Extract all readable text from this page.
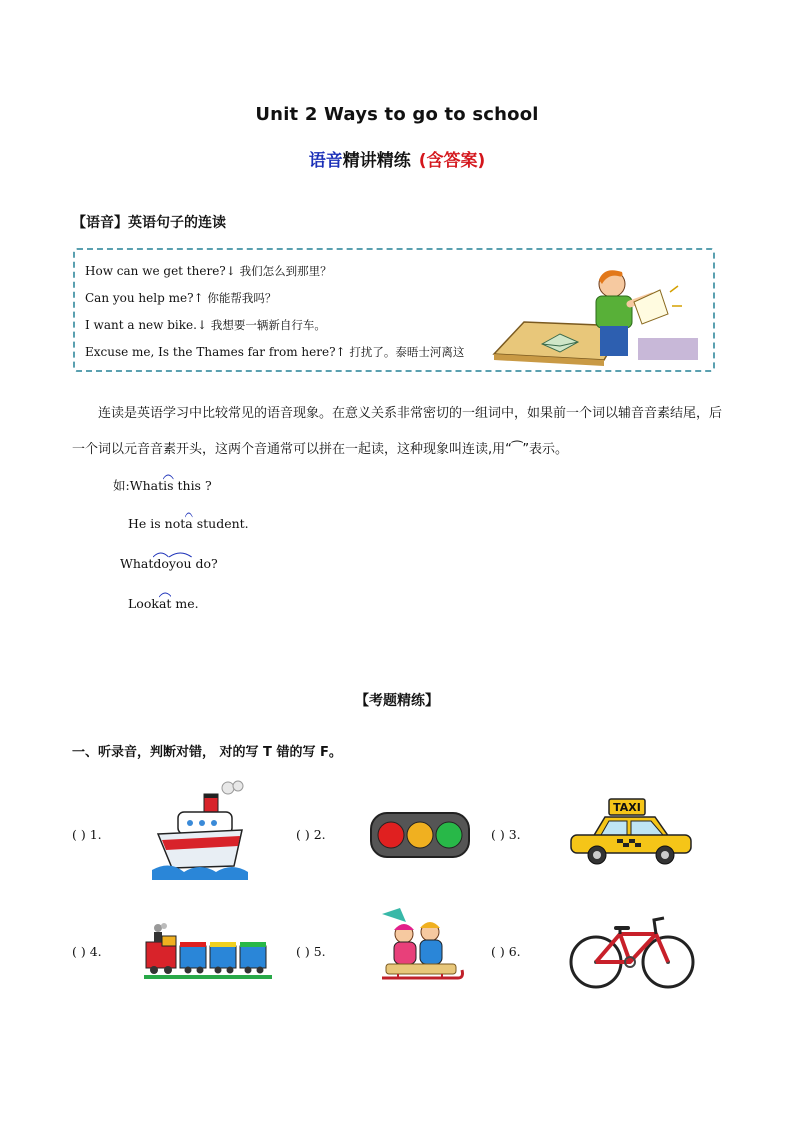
Unit 2 Ways to go to school
语音精讲精练 (含答案)
【语音】英语句子的连读
How can we get there?↓ 我们怎么到那里？
Can you help me?↑ 你能帮我吗？
I want a new bike.↓ 我想要一辆新自行车。
Excuse me, Is the Thames far from here?↑ 打扰了。泰晤士河离这
连读是英语学习中比较常见的语音现象。在意义关系非常密切的一组词中，如果前一个词以辅音音素结尾，后一个词以元音音素开头，这两个音通常可以拼在一起读，这种现象叫连读,用“⁀”表示。
如:What
is this ?
He is not
a student.
What
do
you do?
Look
at me.
【考题精练】
一、听录音，判断对错， 对的写 T 错的写 F。
( ) 1.	( ) 2.	( ) 3.
TAXI
( ) 4.	( ) 5.	( ) 6.
